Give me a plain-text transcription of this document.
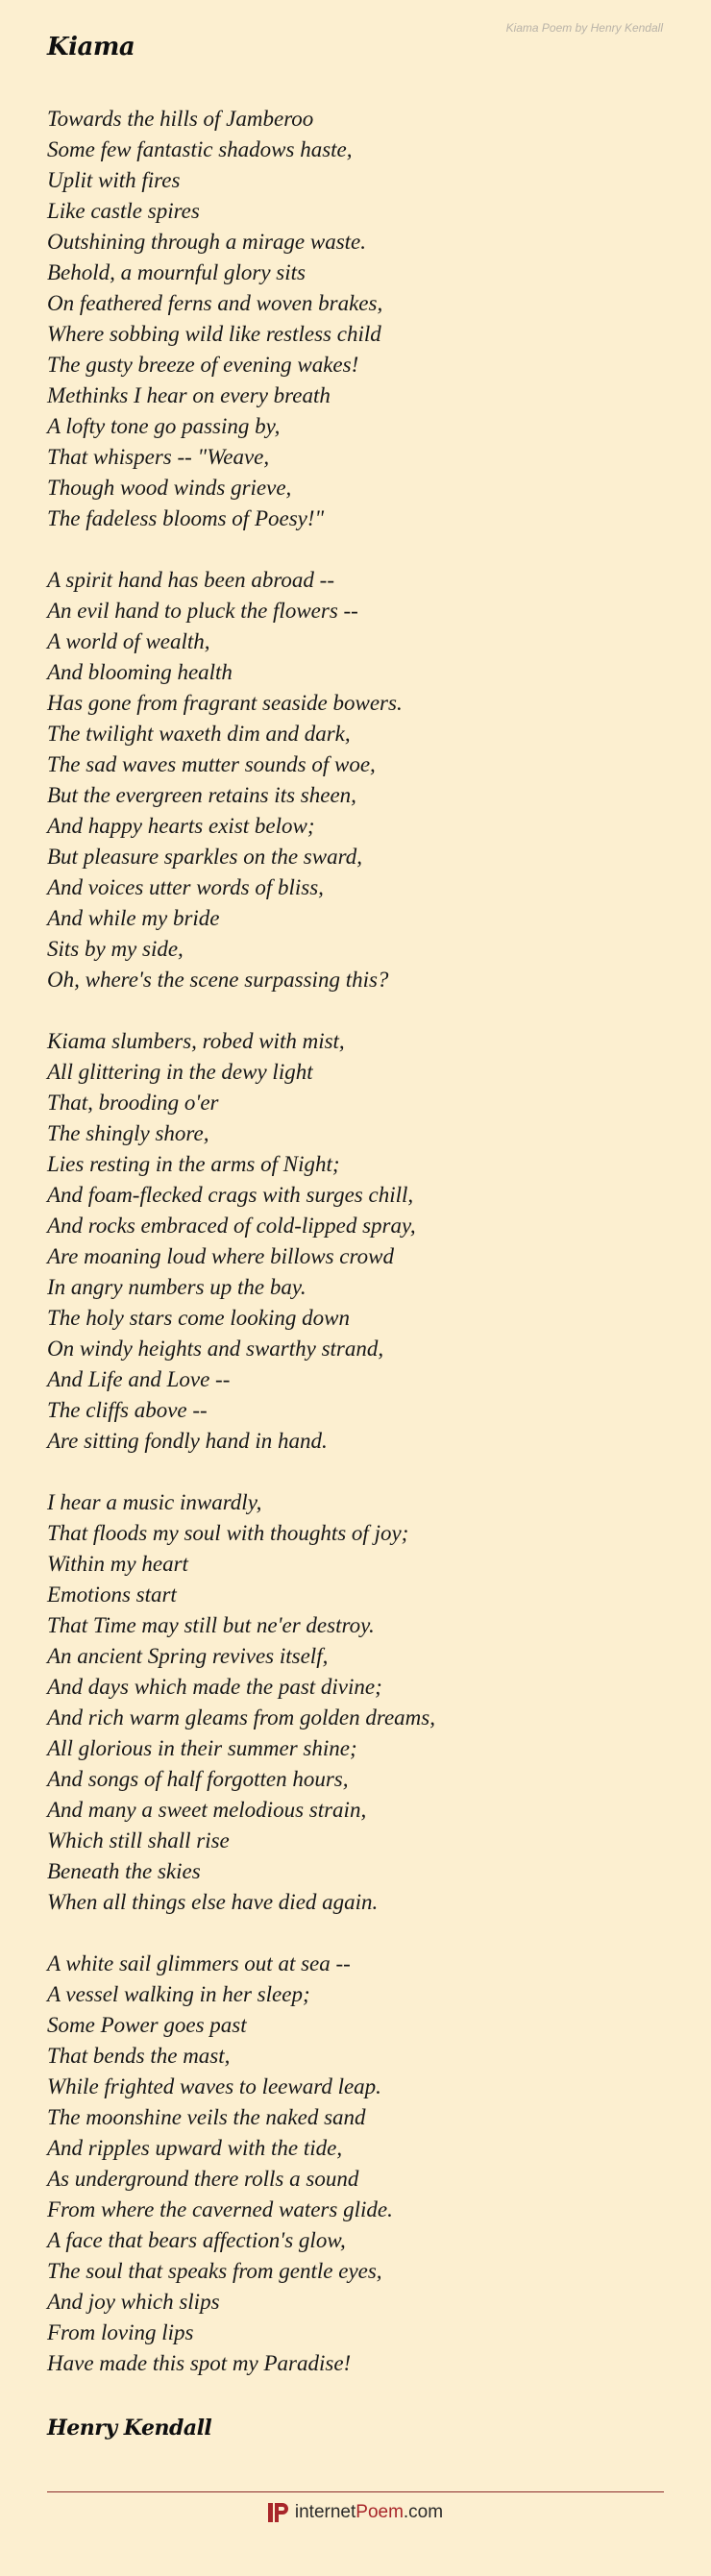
Kiama Poem by Henry Kendall
Kiama
Towards the hills of Jamberoo
Some few fantastic shadows haste,
Uplit with fires
Like castle spires
Outshining through a mirage waste.
Behold, a mournful glory sits
On feathered ferns and woven brakes,
Where sobbing wild like restless child
The gusty breeze of evening wakes!
Methinks I hear on every breath
A lofty tone go passing by,
That whispers -- "Weave,
Though wood winds grieve,
The fadeless blooms of Poesy!"
A spirit hand has been abroad --
An evil hand to pluck the flowers --
A world of wealth,
And blooming health
Has gone from fragrant seaside bowers.
The twilight waxeth dim and dark,
The sad waves mutter sounds of woe,
But the evergreen retains its sheen,
And happy hearts exist below;
But pleasure sparkles on the sward,
And voices utter words of bliss,
And while my bride
Sits by my side,
Oh, where's the scene surpassing this?
Kiama slumbers, robed with mist,
All glittering in the dewy light
That, brooding o'er
The shingly shore,
Lies resting in the arms of Night;
And foam-flecked crags with surges chill,
And rocks embraced of cold-lipped spray,
Are moaning loud where billows crowd
In angry numbers up the bay.
The holy stars come looking down
On windy heights and swarthy strand,
And Life and Love --
The cliffs above --
Are sitting fondly hand in hand.
I hear a music inwardly,
That floods my soul with thoughts of joy;
Within my heart
Emotions start
That Time may still but ne'er destroy.
An ancient Spring revives itself,
And days which made the past divine;
And rich warm gleams from golden dreams,
All glorious in their summer shine;
And songs of half forgotten hours,
And many a sweet melodious strain,
Which still shall rise
Beneath the skies
When all things else have died again.
A white sail glimmers out at sea --
A vessel walking in her sleep;
Some Power goes past
That bends the mast,
While frighted waves to leeward leap.
The moonshine veils the naked sand
And ripples upward with the tide,
As underground there rolls a sound
From where the caverned waters glide.
A face that bears affection's glow,
The soul that speaks from gentle eyes,
And joy which slips
From loving lips
Have made this spot my Paradise!
Henry Kendall
internetPoem.com
